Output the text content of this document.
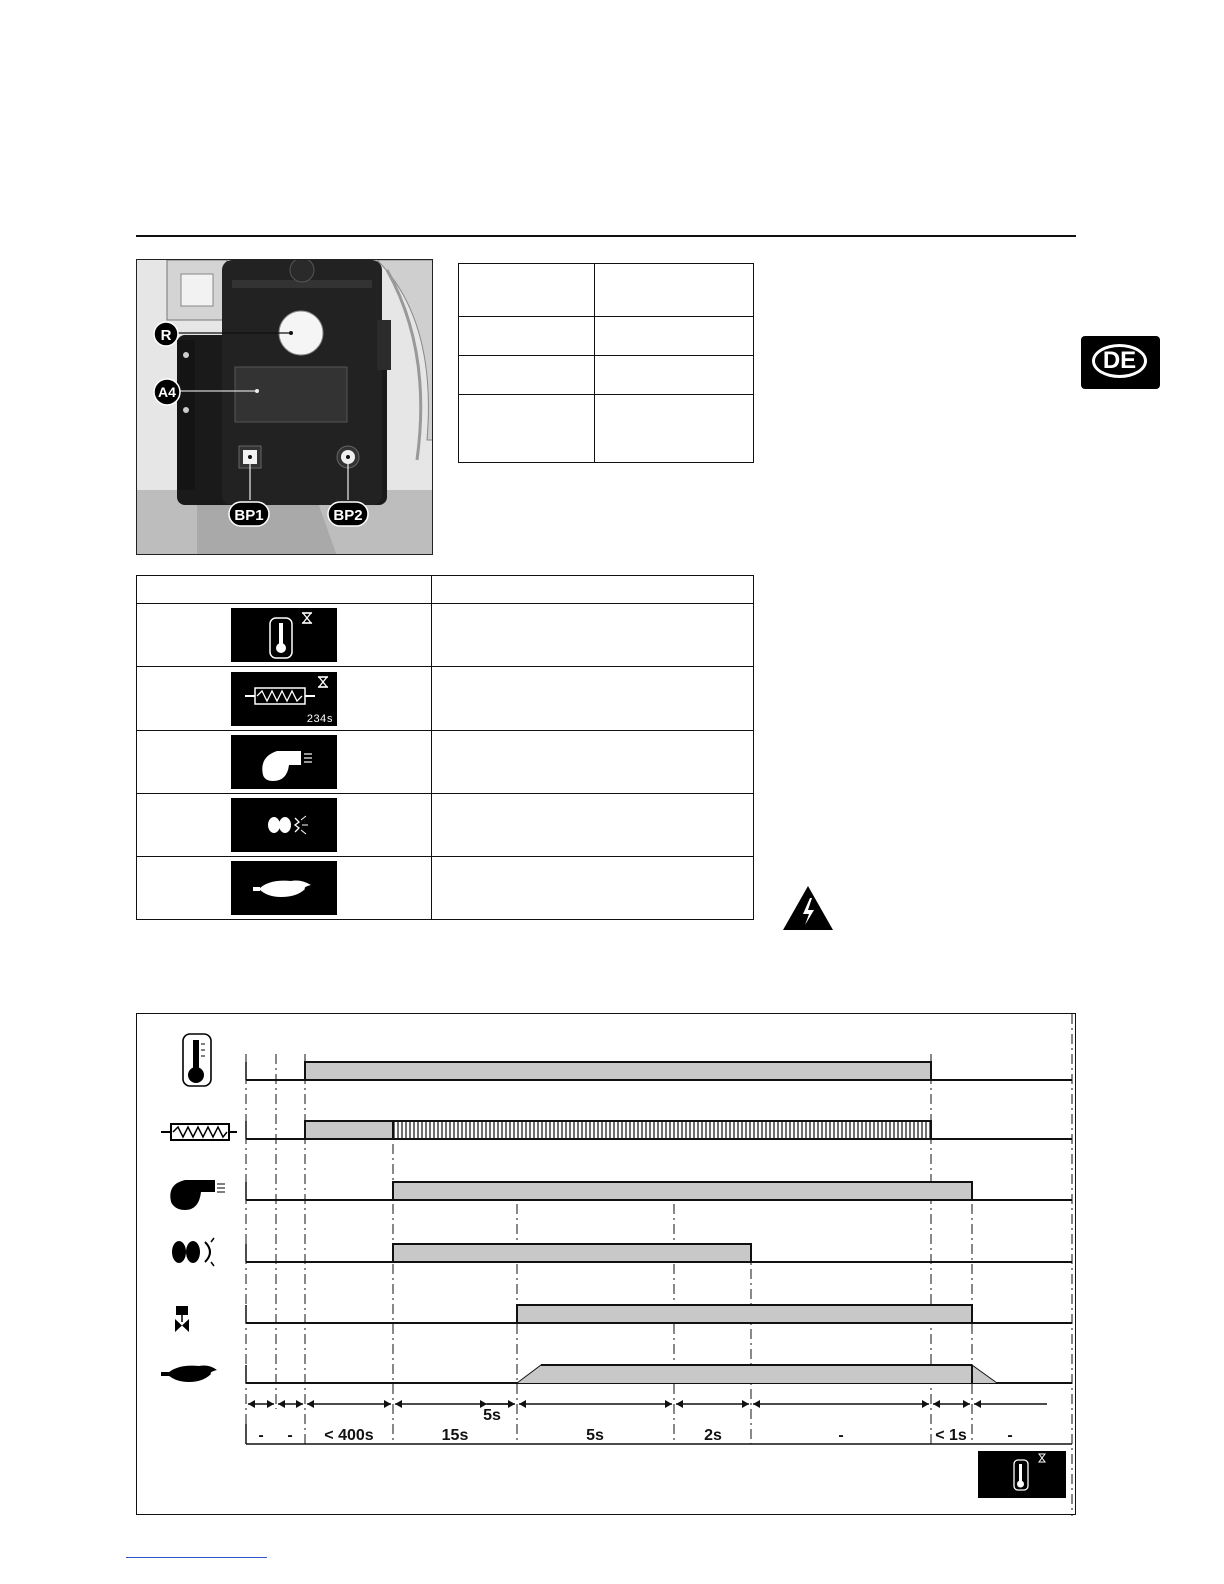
R
A4
BP1	BP2

234s	

DE
- - < 400s	15s	5s	2s	-	< 1s	-
5s
